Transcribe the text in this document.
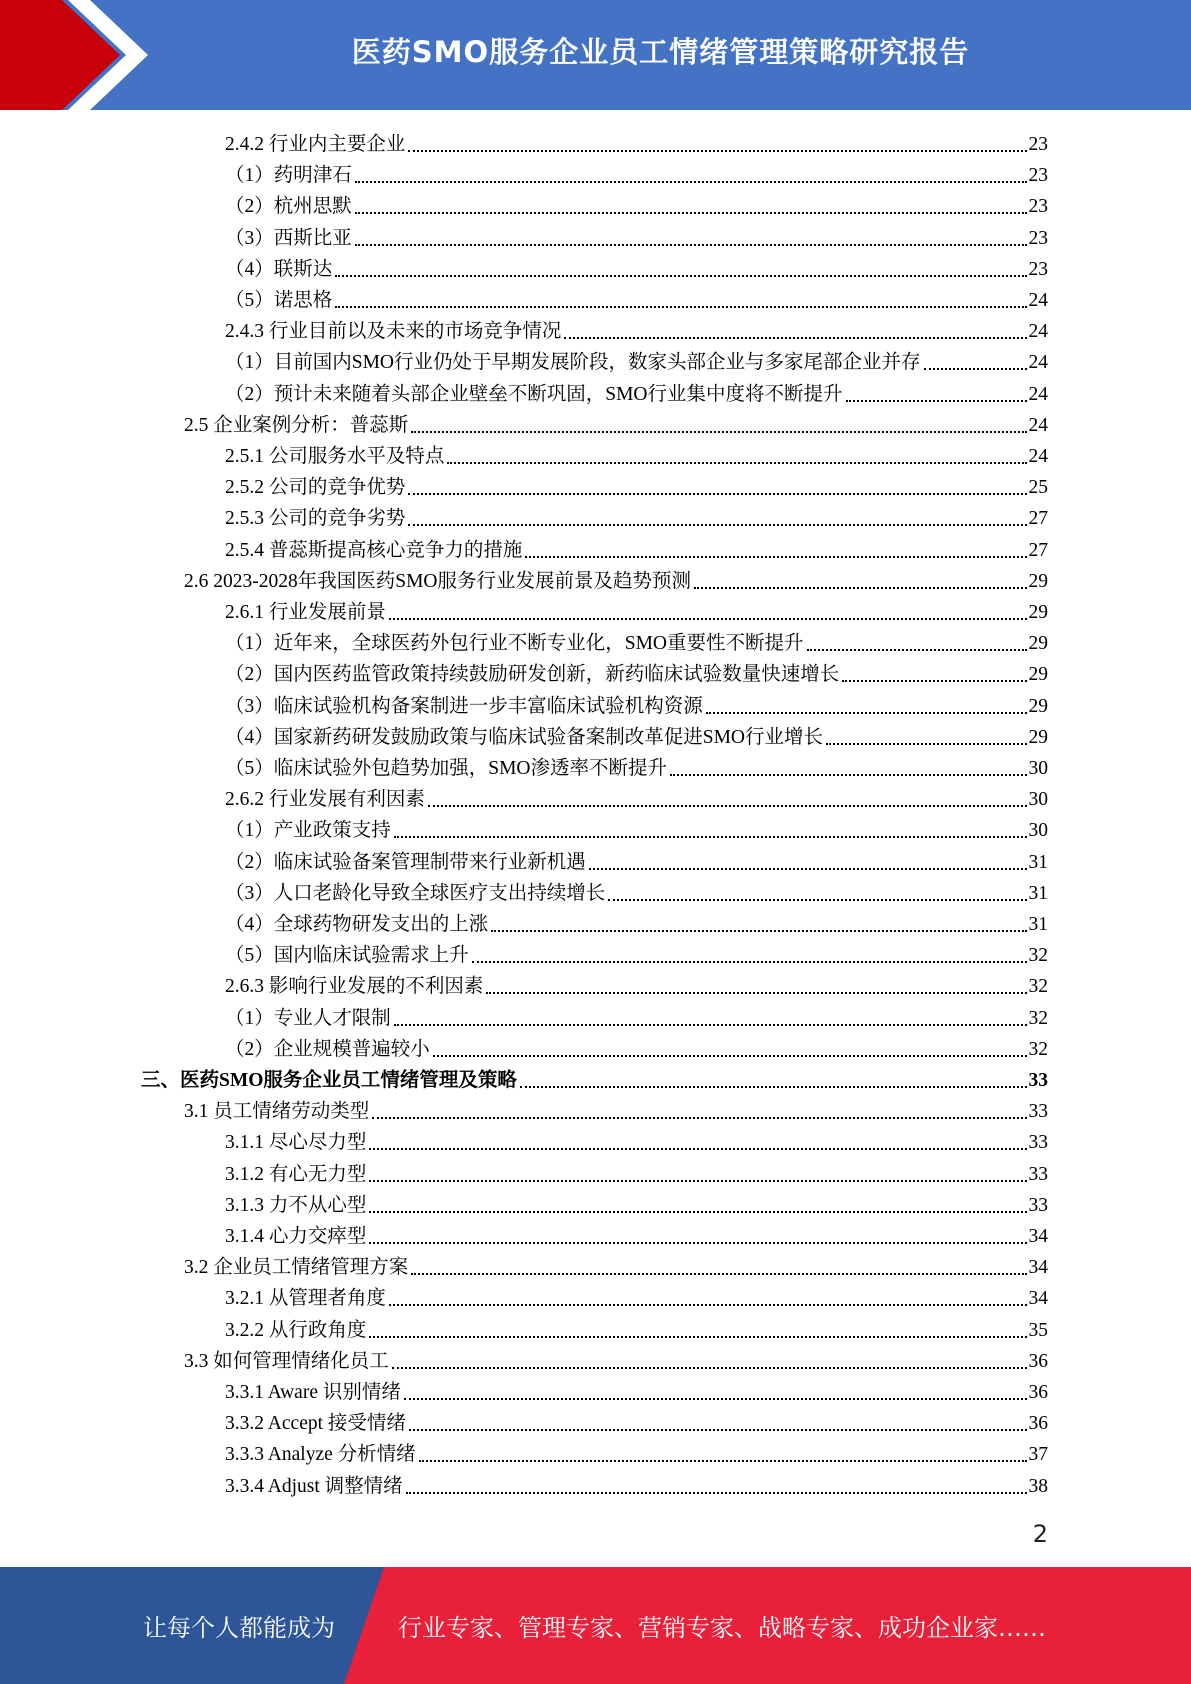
医药SMO服务企业员工情绪管理策略研究报告
2.4.2 行业内主要企业	23
（1）药明津石	23
（2）杭州思默	23
（3）西斯比亚	23
（4）联斯达	23
（5）诺思格	24
2.4.3 行业目前以及未来的市场竞争情况	24
（1）目前国内SMO行业仍处于早期发展阶段，数家头部企业与多家尾部企业并存	24
（2）预计未来随着头部企业壁垒不断巩固，SMO行业集中度将不断提升	24
2.5 企业案例分析：普蕊斯	24
2.5.1 公司服务水平及特点	24
2.5.2 公司的竞争优势	25
2.5.3 公司的竞争劣势	27
2.5.4 普蕊斯提高核心竞争力的措施	27
2.6 2023-2028年我国医药SMO服务行业发展前景及趋势预测	29
2.6.1 行业发展前景	29
（1）近年来，全球医药外包行业不断专业化，SMO重要性不断提升	29
（2）国内医药监管政策持续鼓励研发创新，新药临床试验数量快速增长	29
（3）临床试验机构备案制进一步丰富临床试验机构资源	29
（4）国家新药研发鼓励政策与临床试验备案制改革促进SMO行业增长	29
（5）临床试验外包趋势加强，SMO渗透率不断提升	30
2.6.2 行业发展有利因素	30
（1）产业政策支持	30
（2）临床试验备案管理制带来行业新机遇	31
（3）人口老龄化导致全球医疗支出持续增长	31
（4）全球药物研发支出的上涨	31
（5）国内临床试验需求上升	32
2.6.3 影响行业发展的不利因素	32
（1）专业人才限制	32
（2）企业规模普遍较小	32
三、医药SMO服务企业员工情绪管理及策略	33
3.1 员工情绪劳动类型	33
3.1.1 尽心尽力型	33
3.1.2 有心无力型	33
3.1.3 力不从心型	33
3.1.4 心力交瘁型	34
3.2 企业员工情绪管理方案	34
3.2.1 从管理者角度	34
3.2.2 从行政角度	35
3.3 如何管理情绪化员工	36
3.3.1 Aware 识别情绪	36
3.3.2 Accept 接受情绪	36
3.3.3 Analyze 分析情绪	37
3.3.4 Adjust 调整情绪	38
2
让每个人都能成为	行业专家、管理专家、营销专家、战略专家、成功企业家……
